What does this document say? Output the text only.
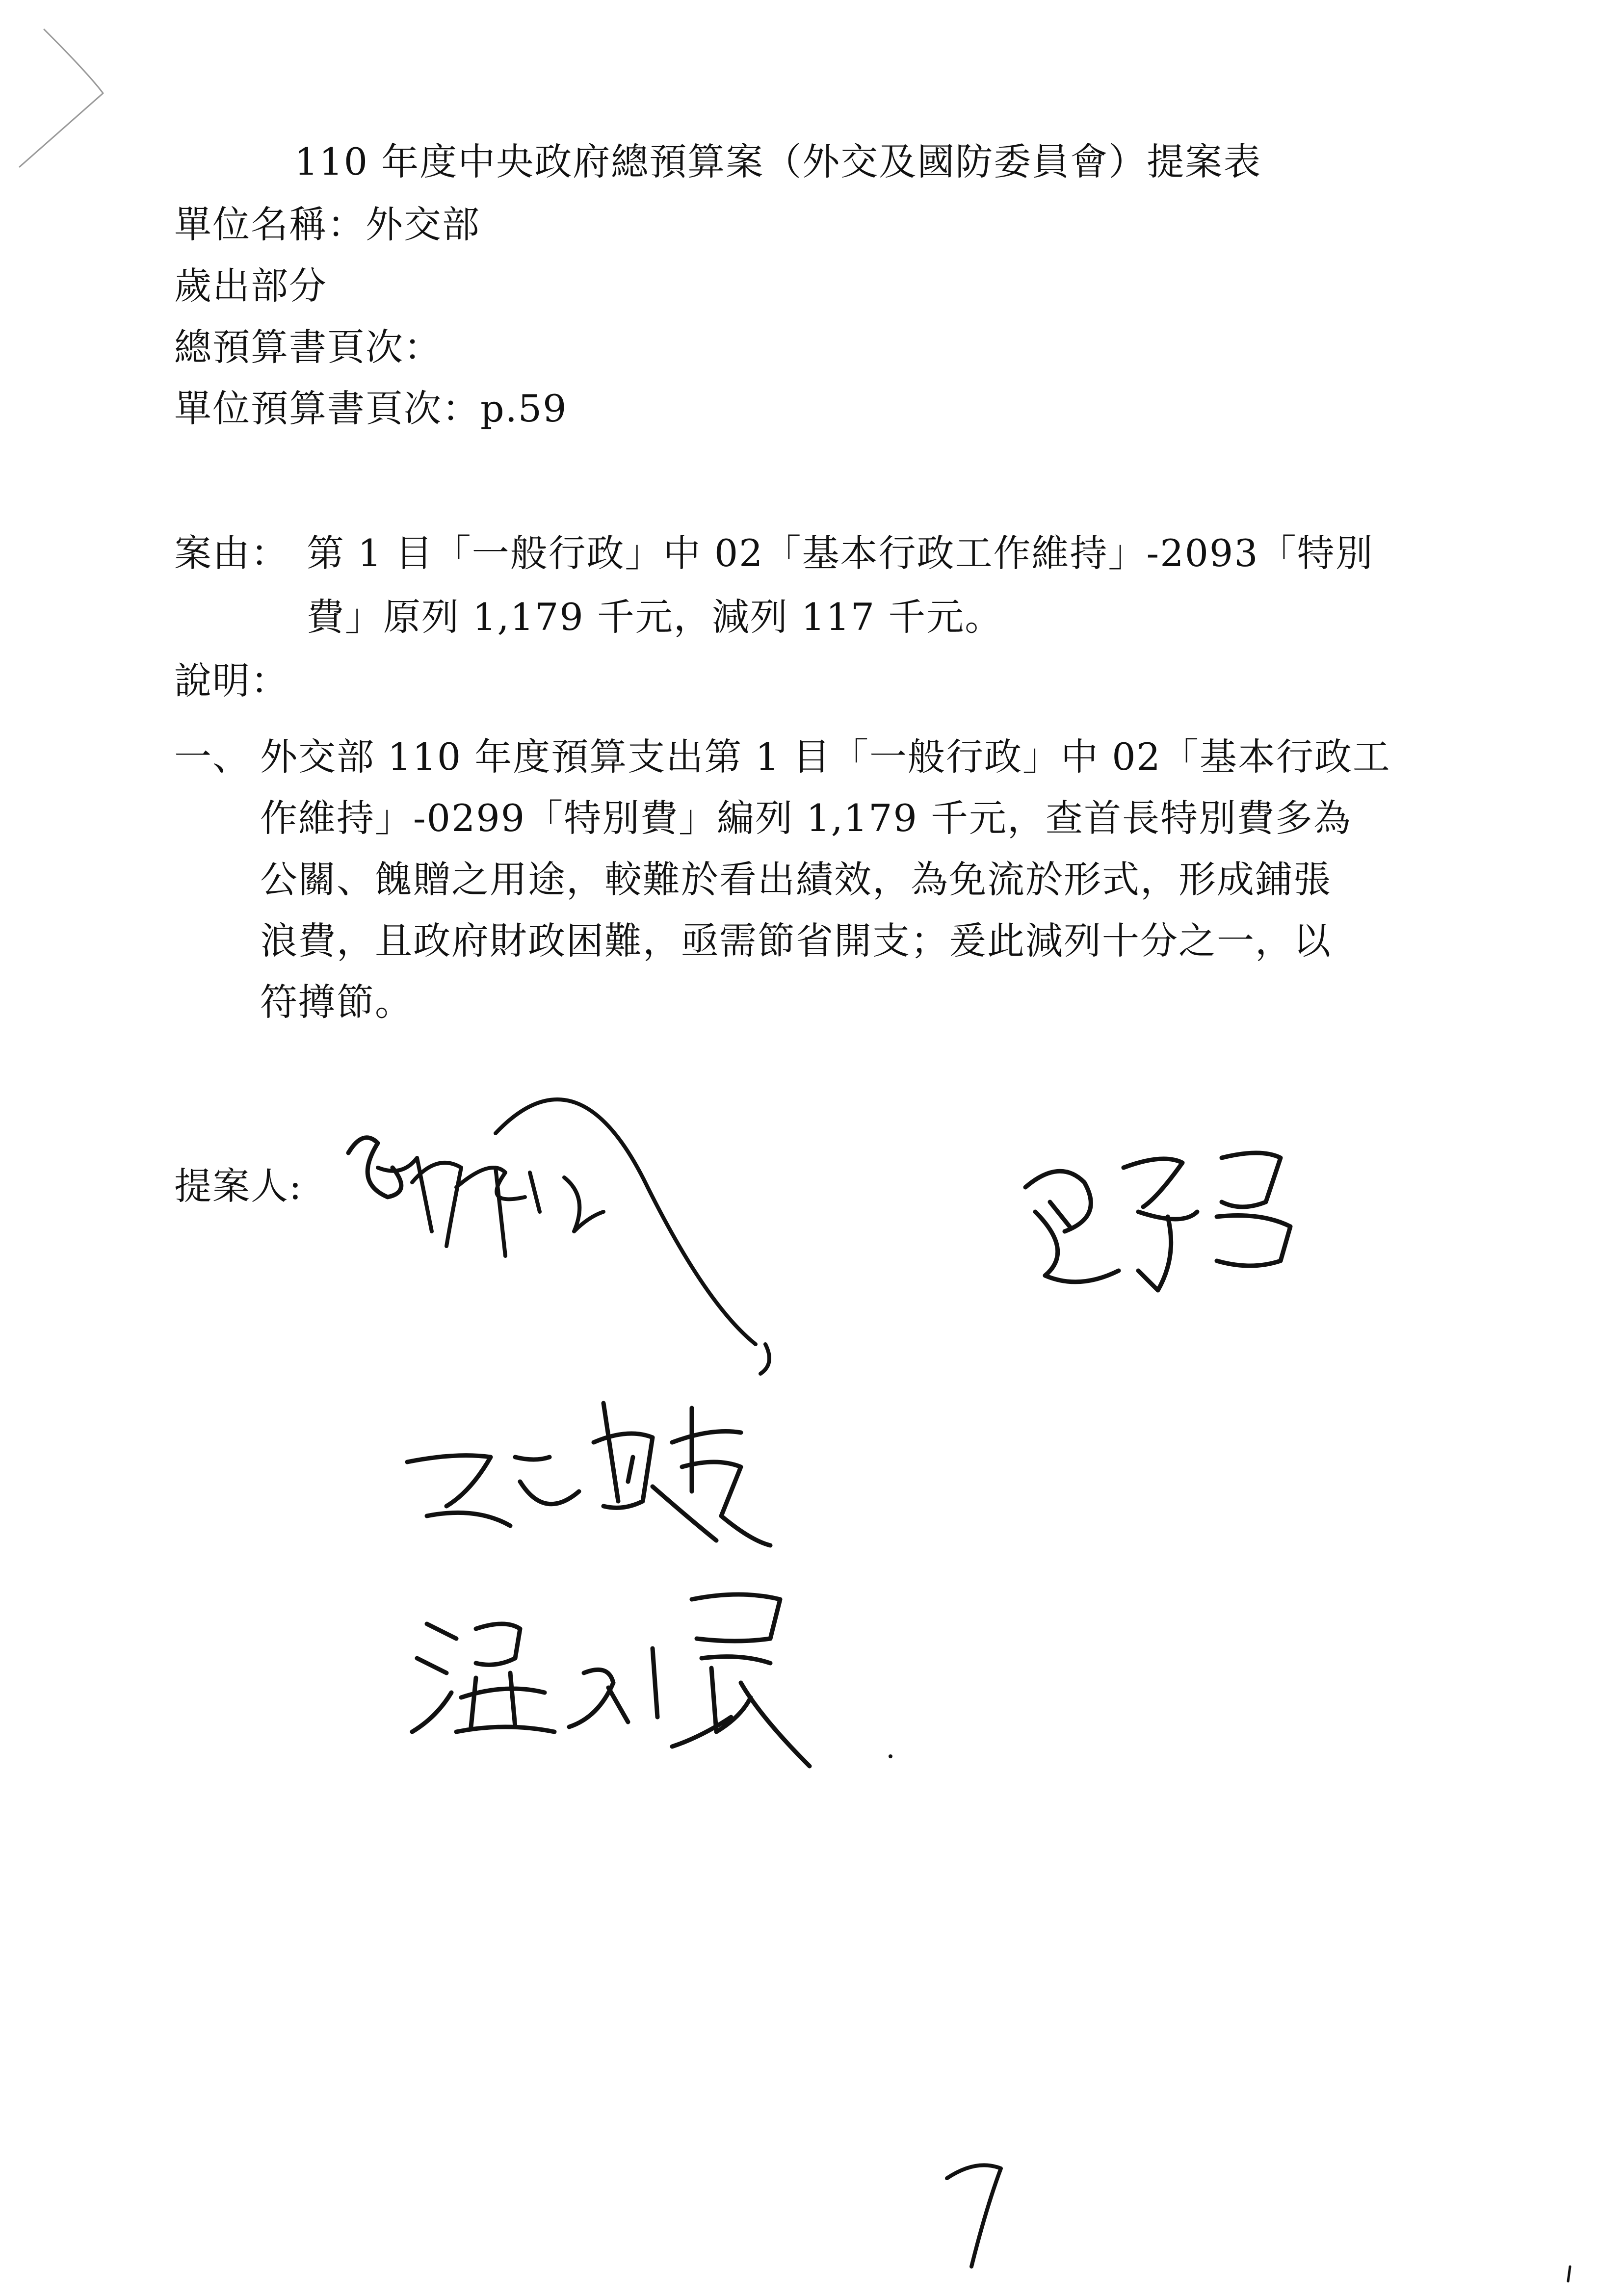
110 年度中央政府總預算案（外交及國防委員會）提案表
單位名稱：外交部
歲出部分
總預算書頁次：
單位預算書頁次：p.59
案由： 第 1 目「一般行政」中 02「基本行政工作維持」-2093「特別
費」原列 1,179 千元，減列 117 千元。
說明：
一、 外交部 110 年度預算支出第 1 目「一般行政」中 02「基本行政工
作維持」-0299「特別費」編列 1,179 千元，查首長特別費多為
公關、餽贈之用途，較難於看出績效，為免流於形式，形成鋪張
浪費，且政府財政困難，亟需節省開支；爰此減列十分之一，以
符撙節。
提案人:
